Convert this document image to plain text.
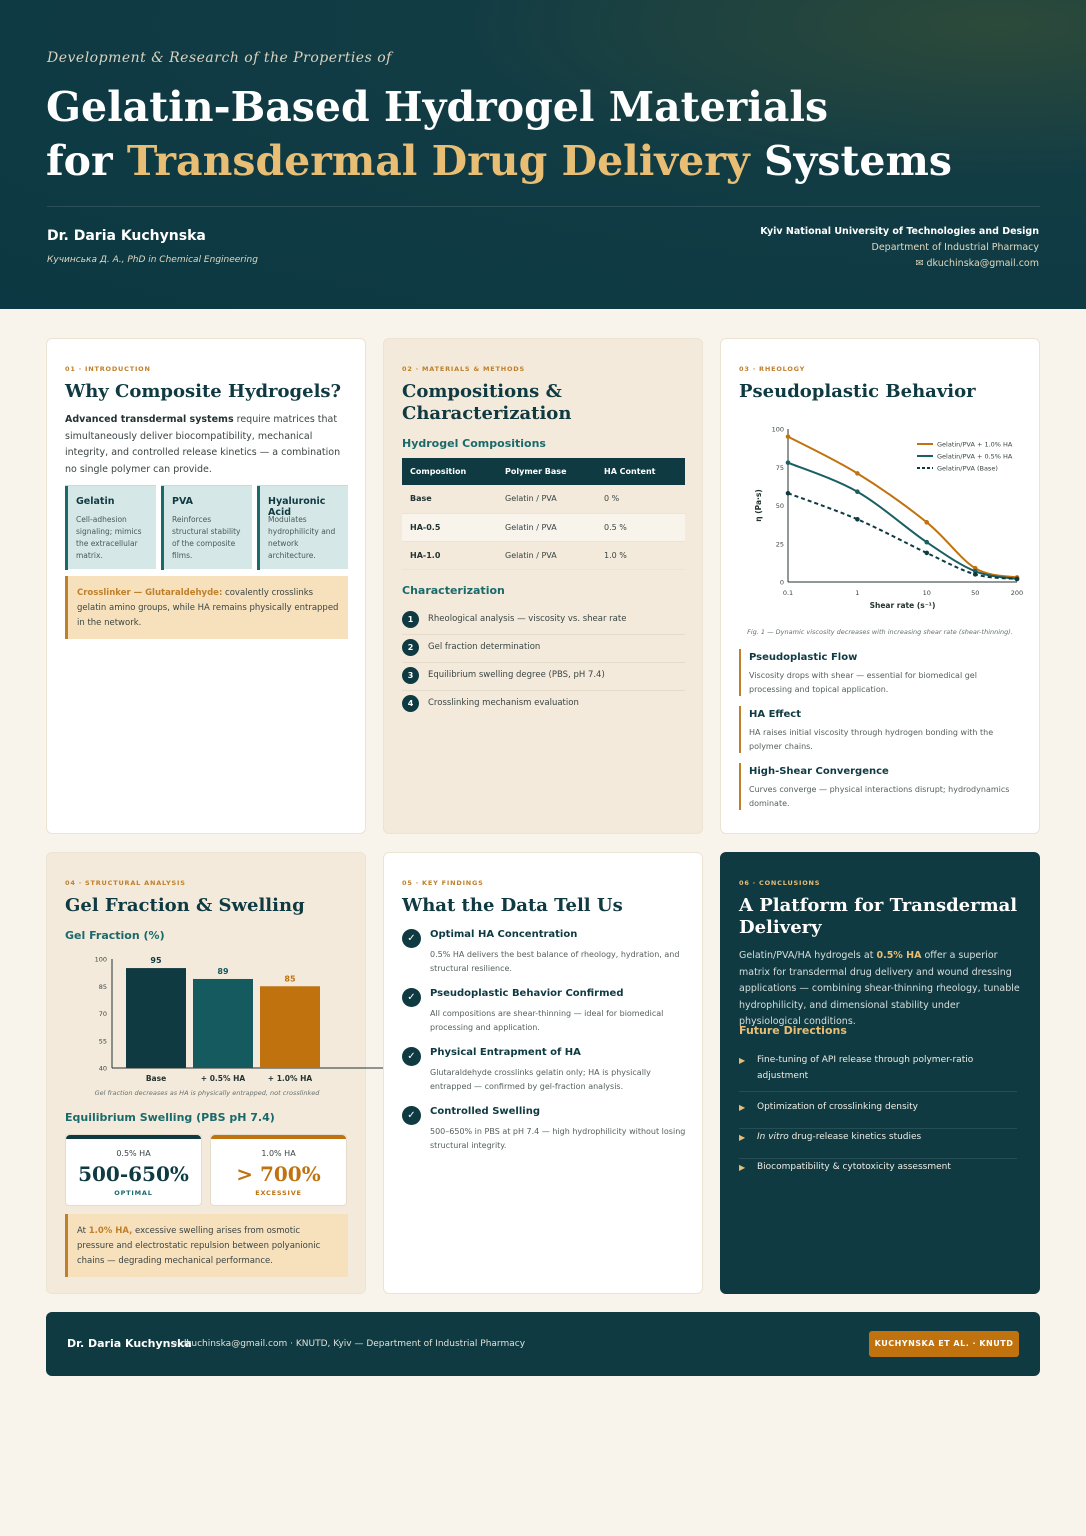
Development & Research of the Properties of
Gelatin-Based Hydrogel Materials
for Transdermal Drug Delivery Systems
Dr. Daria Kuchynska
Кучинська Д. А., PhD in Chemical Engineering
Kyiv National University of Technologies and Design
Department of Industrial Pharmacy
✉ dkuchinska@gmail.com
01 · INTRODUCTION
Why Composite Hydrogels?
Advanced transdermal systems require matrices that simultaneously deliver biocompatibility, mechanical integrity, and controlled release kinetics — a combination no single polymer can provide.
Gelatin
Cell-adhesion signaling; mimics the extracellular matrix.
PVA
Reinforces structural stability of the composite films.
Hyaluronic Acid
Modulates hydrophilicity and network architecture.
Crosslinker — Glutaraldehyde: covalently crosslinks gelatin amino groups, while HA remains physically entrapped in the network.
02 · MATERIALS & METHODS
Compositions &
Characterization
Hydrogel Compositions
Composition	Polymer Base	HA Content
Base	Gelatin / PVA	0 %
HA-0.5	Gelatin / PVA	0.5 %
HA-1.0	Gelatin / PVA	1.0 %
Characterization
1	Rheological analysis — viscosity vs. shear rate
2	Gel fraction determination
3	Equilibrium swelling degree (PBS, pH 7.4)
4	Crosslinking mechanism evaluation
03 · RHEOLOGY
Pseudoplastic Behavior
0
25
50
75
100
0.1	1	10	50	200
Shear rate (s⁻¹)
η (Pa·s)
Gelatin/PVA + 1.0% HA
Gelatin/PVA + 0.5% HA
Gelatin/PVA (Base)
Fig. 1 — Dynamic viscosity decreases with increasing shear rate (shear-thinning).
Pseudoplastic Flow
Viscosity drops with shear — essential for biomedical gel processing and topical application.
HA Effect
HA raises initial viscosity through hydrogen bonding with the polymer chains.
High-Shear Convergence
Curves converge — physical interactions disrupt; hydrodynamics dominate.
04 · STRUCTURAL ANALYSIS
Gel Fraction & Swelling
Gel Fraction (%)
40
55
70
85
100	95
Base
89
+ 0.5% HA
85
+ 1.0% HA
Gel fraction decreases as HA is physically entrapped, not crosslinked
Equilibrium Swelling (PBS pH 7.4)
0.5% HA
500-650%
OPTIMAL
1.0% HA
> 700%
EXCESSIVE
At 1.0% HA, excessive swelling arises from osmotic pressure and electrostatic repulsion between polyanionic chains — degrading mechanical performance.
05 · KEY FINDINGS
What the Data Tell Us
✓	Optimal HA Concentration
0.5% HA delivers the best balance of rheology, hydration, and structural resilience.
✓	Pseudoplastic Behavior Confirmed
All compositions are shear-thinning — ideal for biomedical processing and application.
✓	Physical Entrapment of HA
Glutaraldehyde crosslinks gelatin only; HA is physically entrapped — confirmed by gel-fraction analysis.
✓	Controlled Swelling
500–650% in PBS at pH 7.4 — high hydrophilicity without losing structural integrity.
06 · CONCLUSIONS
A Platform for Transdermal
Delivery
Gelatin/PVA/HA hydrogels at 0.5% HA offer a superior matrix for transdermal drug delivery and wound dressing applications — combining shear-thinning rheology, tunable hydrophilicity, and dimensional stability under physiological conditions.
Future Directions
▶ Fine-tuning of API release through polymer-ratio adjustment
▶ Optimization of crosslinking density
▶ In vitro drug-release kinetics studies
▶ Biocompatibility & cytotoxicity assessment
Dr. Daria Kuchynska
· dkuchinska@gmail.com · KNUTD, Kyiv — Department of Industrial Pharmacy	KUCHYNSKA ET AL. · KNUTD
